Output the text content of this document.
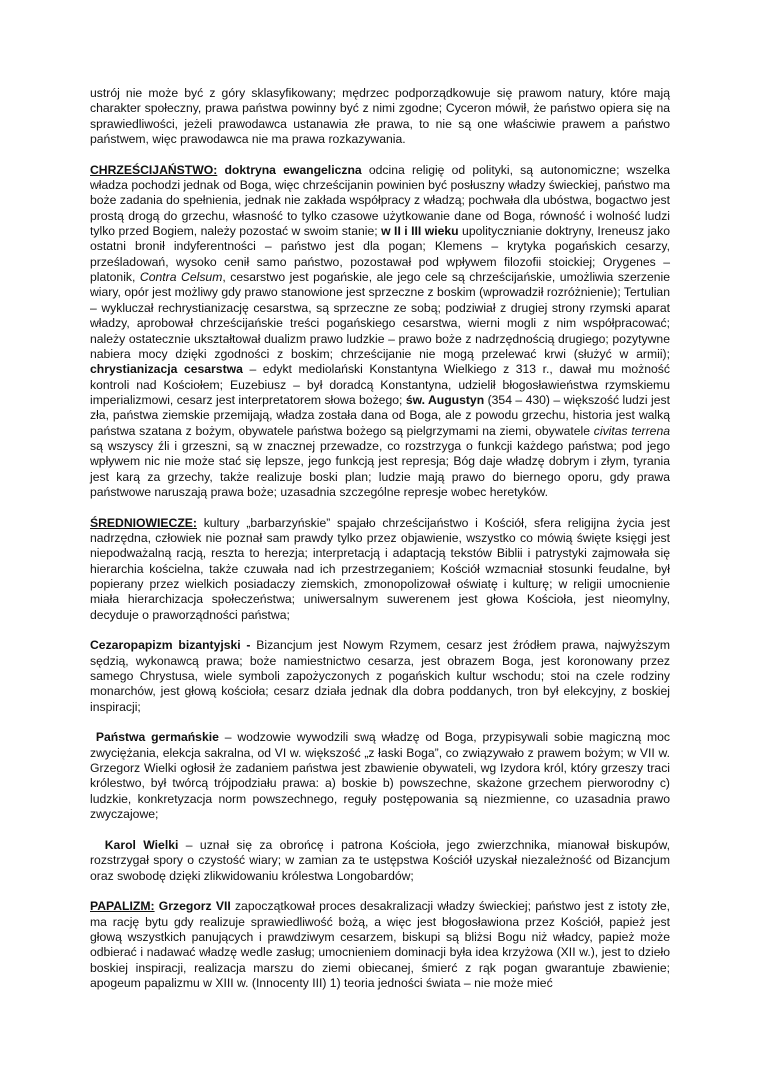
ustrój nie może być z góry sklasyfikowany; mędrzec podporządkowuje się prawom natury, które mają charakter społeczny, prawa państwa powinny być z nimi zgodne; Cyceron mówił, że państwo opiera się na sprawiedliwości, jeżeli prawodawca ustanawia złe prawa, to nie są one właściwie prawem a państwo państwem, więc prawodawca nie ma prawa rozkazywania.

CHRZEŚCIJAŃSTWO: doktryna ewangeliczna odcina religię od polityki, są autonomiczne; wszelka władza pochodzi jednak od Boga, więc chrześcijanin powinien być posłuszny władzy świeckiej, państwo ma boże zadania do spełnienia, jednak nie zakłada współpracy z władzą; pochwała dla ubóstwa, bogactwo jest prostą drogą do grzechu, własność to tylko czasowe użytkowanie dane od Boga, równość i wolność ludzi tylko przed Bogiem, należy pozostać w swoim stanie; w II i III wieku upolitycznianie doktryny, Ireneusz jako ostatni bronił indyferentności – państwo jest dla pogan; Klemens – krytyka pogańskich cesarzy, prześladowań, wysoko cenił samo państwo, pozostawał pod wpływem filozofii stoickiej; Orygenes – platonik, Contra Celsum, cesarstwo jest pogańskie, ale jego cele są chrześcijańskie, umożliwia szerzenie wiary, opór jest możliwy gdy prawo stanowione jest sprzeczne z boskim (wprowadził rozróżnienie); Tertulian – wykluczał rechrystianizację cesarstwa, są sprzeczne ze sobą; podziwiał z drugiej strony rzymski aparat władzy, aprobował chrześcijańskie treści pogańskiego cesarstwa, wierni mogli z nim współpracować; należy ostatecznie ukształtował dualizm prawo ludzkie – prawo boże z nadrzędnością drugiego; pozytywne nabiera mocy dzięki zgodności z boskim; chrześcijanie nie mogą przelewać krwi (służyć w armii); chrystianizacja cesarstwa – edykt mediolański Konstantyna Wielkiego z 313 r., dawał mu możność kontroli nad Kościołem; Euzebiusz – był doradcą Konstantyna, udzielił błogosławieństwa rzymskiemu imperializmowi, cesarz jest interpretatorem słowa bożego; św. Augustyn (354 – 430) – większość ludzi jest zła, państwa ziemskie przemijają, władza została dana od Boga, ale z powodu grzechu, historia jest walką państwa szatana z bożym, obywatele państwa bożego są pielgrzymami na ziemi, obywatele civitas terrena są wszyscy źli i grzeszni, są w znacznej przewadze, co rozstrzyga o funkcji każdego państwa; pod jego wpływem nic nie może stać się lepsze, jego funkcją jest represja; Bóg daje władzę dobrym i złym, tyrania jest karą za grzechy, także realizuje boski plan; ludzie mają prawo do biernego oporu, gdy prawa państwowe naruszają prawa boże; uzasadnia szczególne represje wobec heretyków.

ŚREDNIOWIECZE: kultury „barbarzyńskie” spajało chrześcijaństwo i Kościół, sfera religijna życia jest nadrzędna, człowiek nie poznał sam prawdy tylko przez objawienie, wszystko co mówią święte księgi jest niepodważalną racją, reszta to herezja; interpretacją i adaptacją tekstów Biblii i patrystyki zajmowała się hierarchia kościelna, także czuwała nad ich przestrzeganiem; Kościół wzmacniał stosunki feudalne, był popierany przez wielkich posiadaczy ziemskich, zmonopolizował oświatę i kulturę; w religii umocnienie miała hierarchizacja społeczeństwa; uniwersalnym suwerenem jest głowa Kościoła, jest nieomylny, decyduje o praworządności państwa;

Cezaropapizm bizantyjski - Bizancjum jest Nowym Rzymem, cesarz jest źródłem prawa, najwyższym sędzią, wykonawcą prawa; boże namiestnictwo cesarza, jest obrazem Boga, jest koronowany przez samego Chrystusa, wiele symboli zapożyczonych z pogańskich kultur wschodu; stoi na czele rodziny monarchów, jest głową kościoła; cesarz działa jednak dla dobra poddanych, tron był elekcyjny, z boskiej inspiracji;

Państwa germańskie – wodzowie wywodzili swą władzę od Boga, przypisywali sobie magiczną moc zwyciężania, elekcja sakralna, od VI w. większość „z łaski Boga”, co związywało z prawem bożym; w VII w. Grzegorz Wielki ogłosił że zadaniem państwa jest zbawienie obywateli, wg Izydora król, który grzeszy traci królestwo, był twórcą trójpodziału prawa: a) boskie b) powszechne, skażone grzechem pierworodny c) ludzkie, konkretyzacja norm powszechnego, reguły postępowania są niezmienne, co uzasadnia prawo zwyczajowe;

Karol Wielki – uznał się za obrońcę i patrona Kościoła, jego zwierzchnika, mianował biskupów, rozstrzygał spory o czystość wiary; w zamian za te ustępstwa Kościół uzyskał niezależność od Bizancjum oraz swobodę dzięki zlikwidowaniu królestwa Longobardów;

PAPALIZM: Grzegorz VII zapoczątkował proces desakralizacji władzy świeckiej; państwo jest z istoty złe, ma rację bytu gdy realizuje sprawiedliwość bożą, a więc jest błogosławiona przez Kościół, papież jest głową wszystkich panujących i prawdziwym cesarzem, biskupi są bliżsi Bogu niż władcy, papież może odbierać i nadawać władzę wedle zasług; umocnieniem dominacji była idea krzyżowa (XII w.), jest to dzieło boskiej inspiracji, realizacja marszu do ziemi obiecanej, śmierć z rąk pogan gwarantuje zbawienie; apogeum papalizmu w XIII w. (Innocenty III) 1) teoria jedności świata – nie może mieć
